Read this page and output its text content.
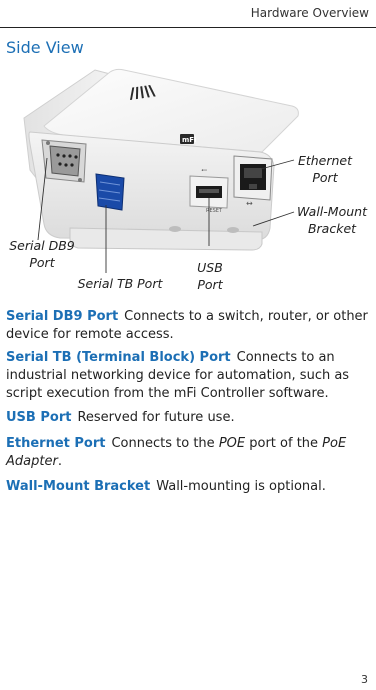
Hardware Overview
Side View
mFi
⭪
RESET
↔
Ethernet
Port
Wall-Mount
Bracket
Serial DB9
Port
Serial TB Port
USB
Port
Serial DB9 Port Connects to a switch, router, or other device for remote access.
Serial TB (Terminal Block) Port Connects to an industrial networking device for automation, such as script execution from the mFi Controller software.
USB Port Reserved for future use.
Ethernet Port Connects to the POE port of the PoE Adapter.
Wall-Mount Bracket Wall-mounting is optional.
3
